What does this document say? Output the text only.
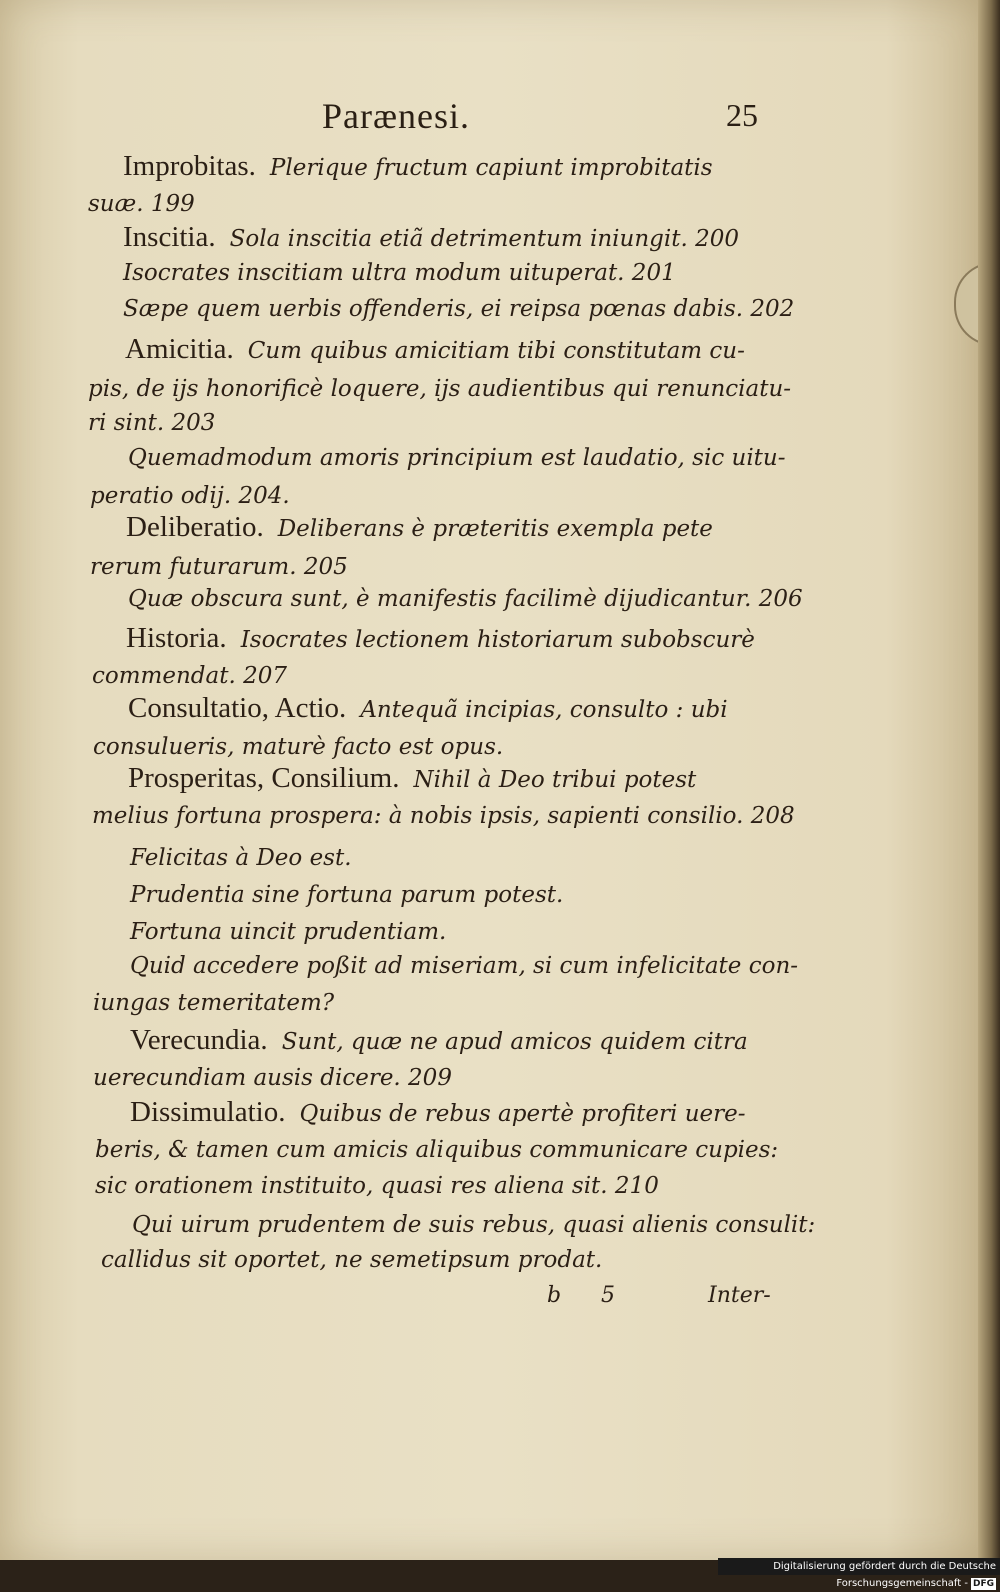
Parænesi.	25
Improbitas. Plerique fructum capiunt improbitatis
suæ. 199
Inscitia. Sola inscitia etiã detrimentum iniungit. 200
Isocrates inscitiam ultra modum uituperat. 201
Sæpe quem uerbis offenderis, ei reipsa pœnas dabis. 202
Amicitia. Cum quibus amicitiam tibi constitutam cu-
pis, de ijs honorificè loquere, ijs audientibus qui renunciatu-
ri sint. 203
Quemadmodum amoris principium est laudatio, sic uitu-
peratio odij. 204.
Deliberatio. Deliberans è præteritis exempla pete
rerum futurarum. 205
Quæ obscura sunt, è manifestis facilimè dijudicantur. 206
Historia. Isocrates lectionem historiarum subobscurè
commendat. 207
Consultatio, Actio. Antequã incipias, consulto : ubi
consulueris, maturè facto est opus.
Prosperitas, Consilium. Nihil à Deo tribui potest
melius fortuna prospera: à nobis ipsis, sapienti consilio. 208
Felicitas à Deo est.
Prudentia sine fortuna parum potest.
Fortuna uincit prudentiam.
Quid accedere poßit ad miseriam, si cum infelicitate con-
iungas temeritatem?
Verecundia. Sunt, quæ ne apud amicos quidem citra
uerecundiam ausis dicere. 209
Dissimulatio. Quibus de rebus apertè profiteri uere-
beris, & tamen cum amicis aliquibus communicare cupies:
sic orationem instituito, quasi res aliena sit. 210
Qui uirum prudentem de suis rebus, quasi alienis consulit:
callidus sit oportet, ne semetipsum prodat.
b 5	Inter-
Digitalisierung gefördert durch die Deutsche Forschungsgemeinschaft - DFG
